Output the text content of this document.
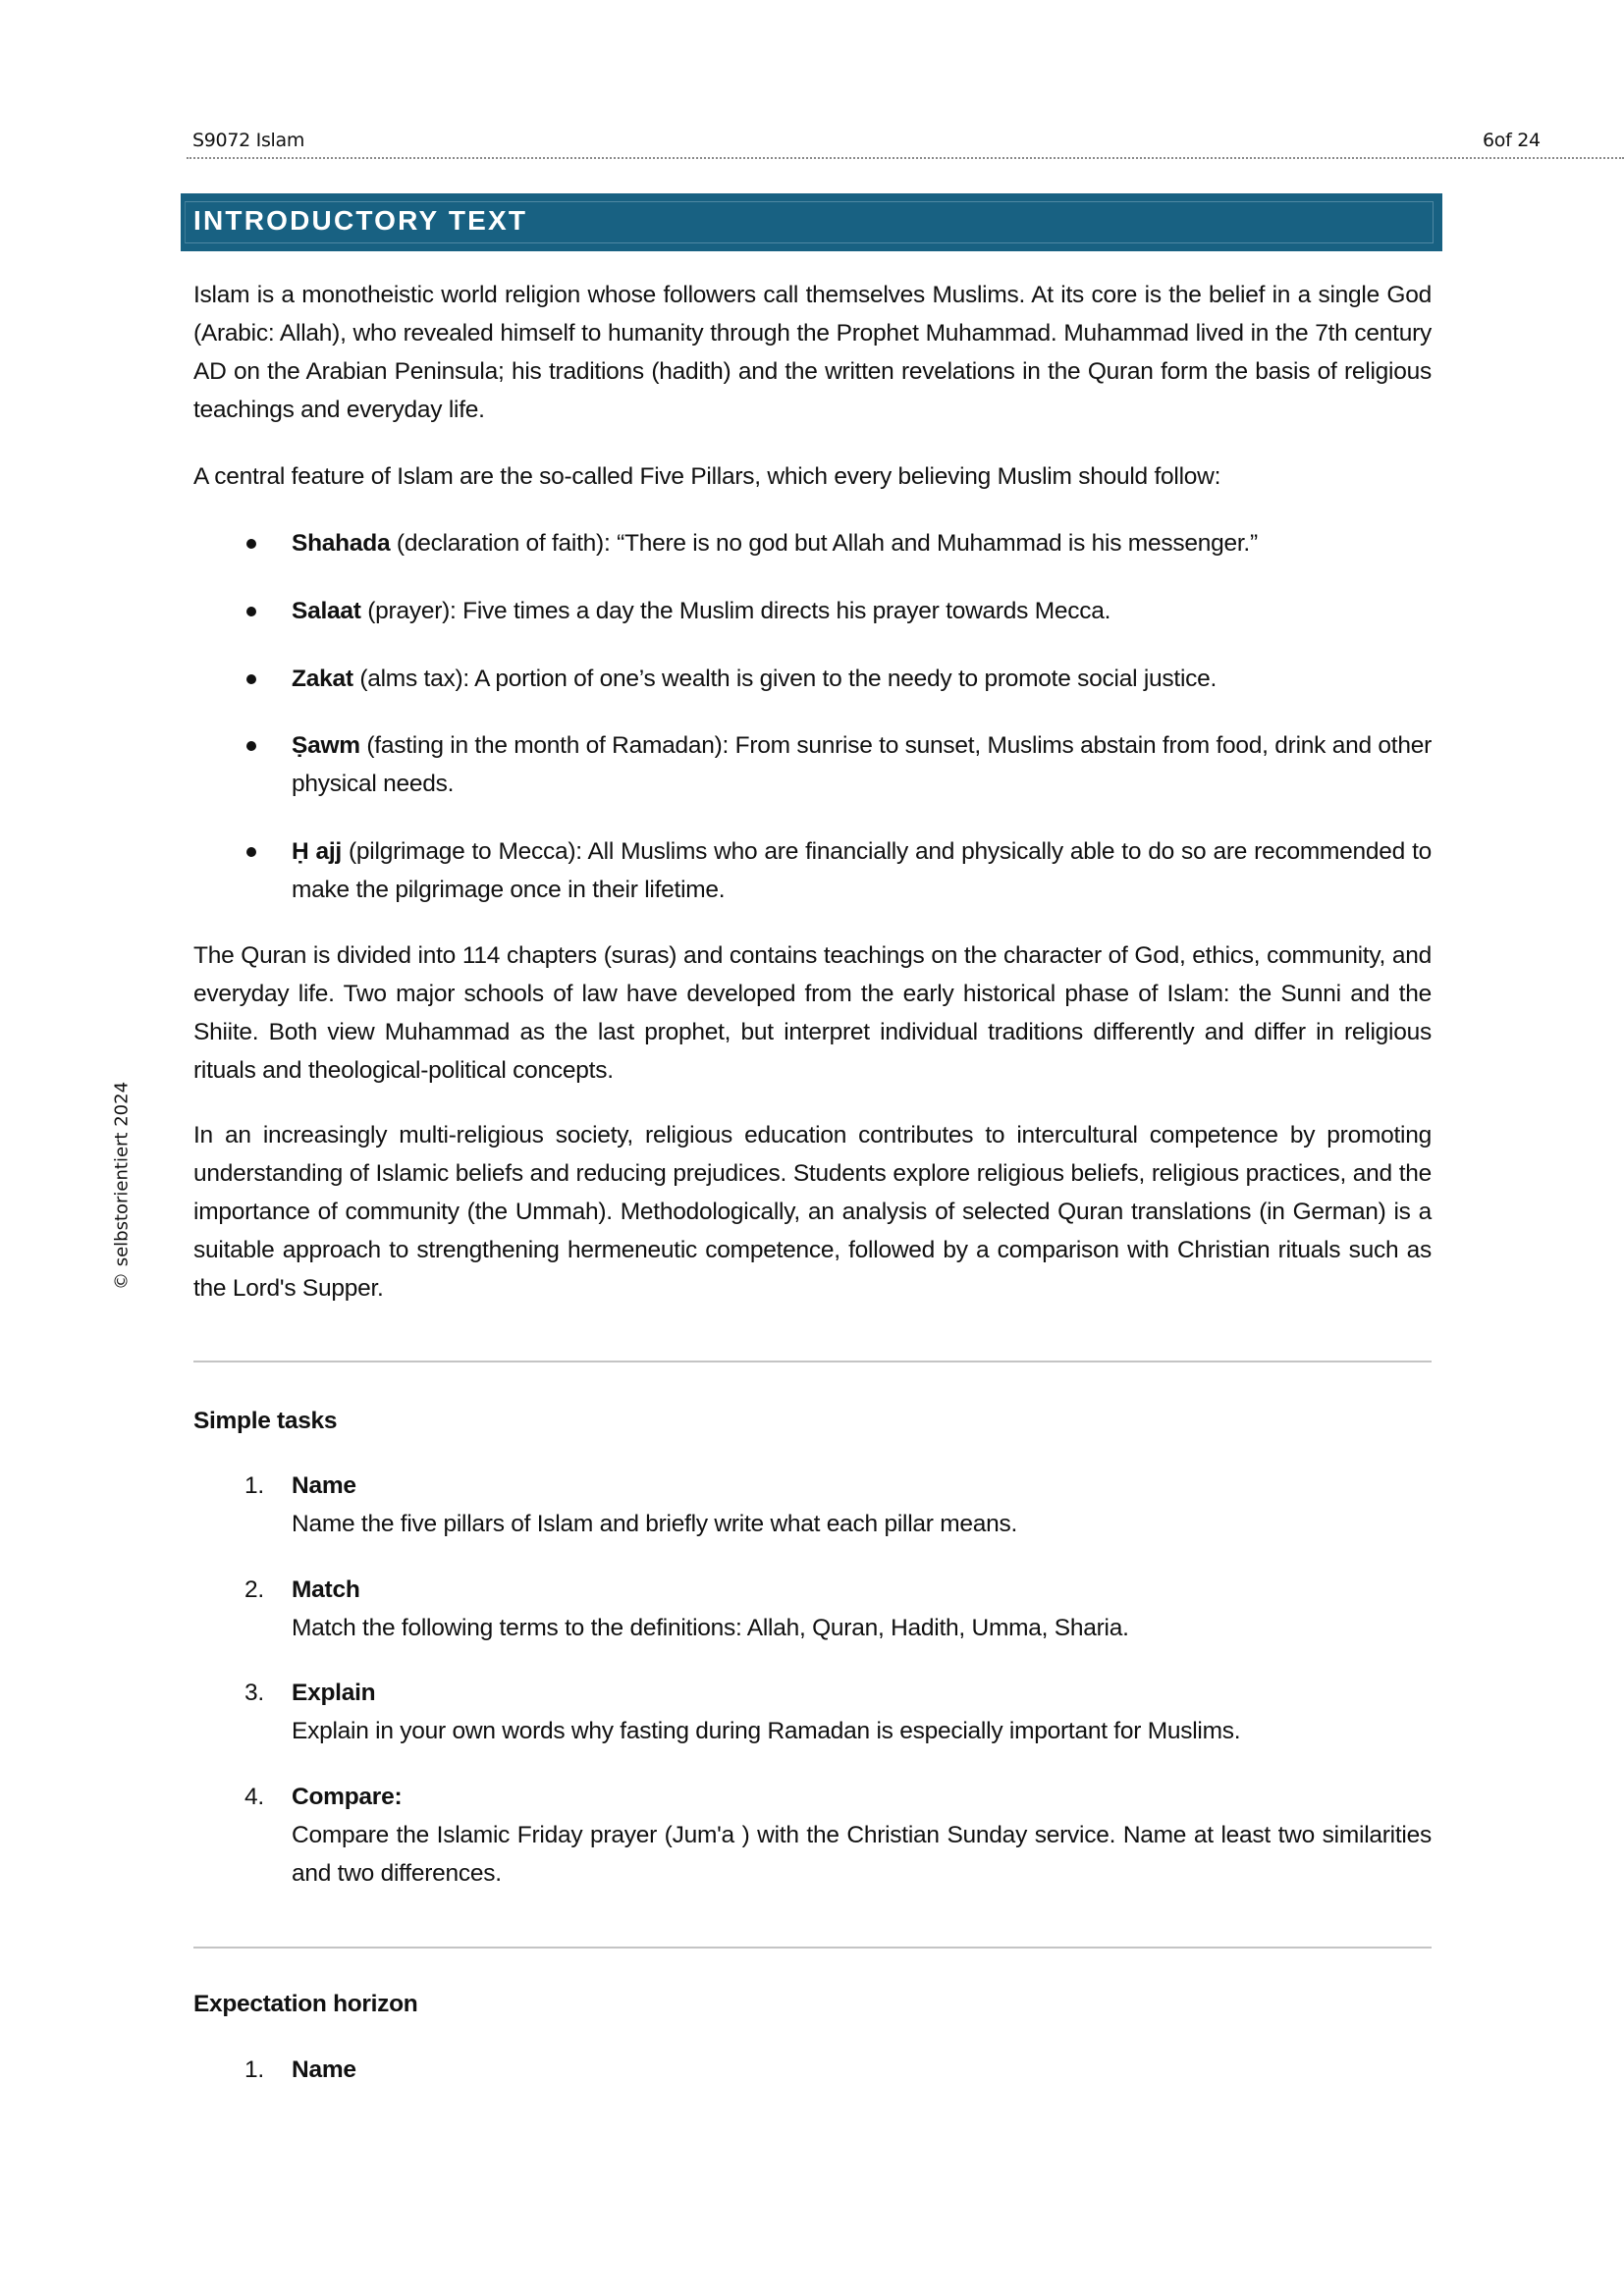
S9072 Islam	6of 24
© selbstorientiert 2024
INTRODUCTORY TEXT
Islam is a monotheistic world religion whose followers call themselves Muslims. At its core is the belief in a single God (Arabic: Allah), who revealed himself to humanity through the Prophet Muhammad. Muhammad lived in the 7th century AD on the Arabian Peninsula; his traditions (hadith) and the written revelations in the Quran form the basis of religious teachings and everyday life.
A central feature of Islam are the so-called Five Pillars, which every believing Muslim should follow:
Shahada (declaration of faith): “There is no god but Allah and Muhammad is his messenger.”
Salaat (prayer): Five times a day the Muslim directs his prayer towards Mecca.
Zakat (alms tax): A portion of one’s wealth is given to the needy to promote social justice.
Ṣawm (fasting in the month of Ramadan): From sunrise to sunset, Muslims abstain from food, drink and other physical needs.
Ḥ ajj (pilgrimage to Mecca): All Muslims who are financially and physically able to do so are recommended to make the pilgrimage once in their lifetime.
The Quran is divided into 114 chapters (suras) and contains teachings on the character of God, ethics, community, and everyday life. Two major schools of law have developed from the early historical phase of Islam: the Sunni and the Shiite. Both view Muhammad as the last prophet, but interpret individual traditions differently and differ in religious rituals and theological-political concepts.
In an increasingly multi-religious society, religious education contributes to intercultural competence by promoting understanding of Islamic beliefs and reducing prejudices. Students explore religious beliefs, religious practices, and the importance of community (the Ummah). Methodologically, an analysis of selected Quran translations (in German) is a suitable approach to strengthening hermeneutic competence, followed by a comparison with Christian rituals such as the Lord's Supper.
Simple tasks
1. Name
Name the five pillars of Islam and briefly write what each pillar means.
2. Match
Match the following terms to the definitions: Allah, Quran, Hadith, Umma, Sharia.
3. Explain
Explain in your own words why fasting during Ramadan is especially important for Muslims.
4. Compare:
Compare the Islamic Friday prayer (Jum'a ) with the Christian Sunday service. Name at least two similarities and two differences.
Expectation horizon
1. Name
